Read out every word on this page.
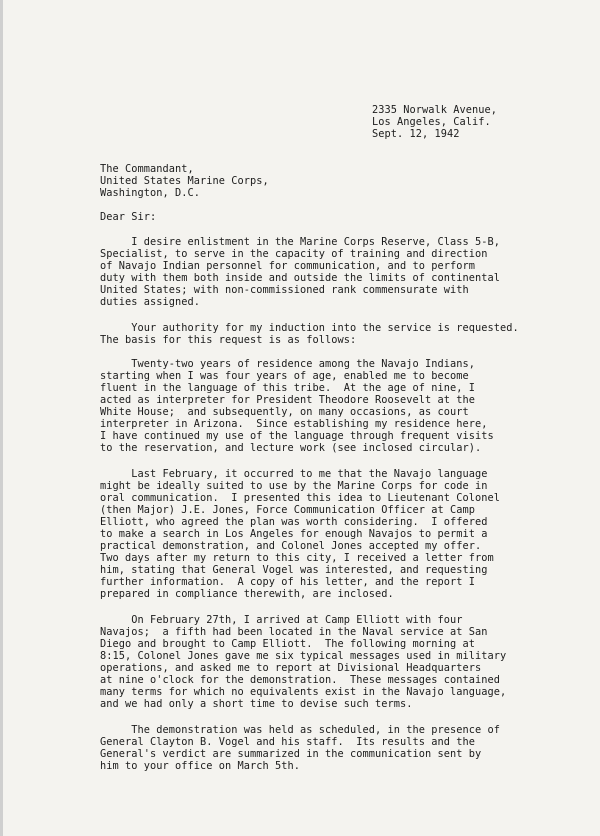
2335 Norwalk Avenue,
Los Angeles, Calif.
Sept. 12, 1942
The Commandant,
United States Marine Corps,
Washington, D.C.
Dear Sir:
I desire enlistment in the Marine Corps Reserve, Class 5-B,
Specialist, to serve in the capacity of training and direction
of Navajo Indian personnel for communication, and to perform
duty with them both inside and outside the limits of continental
United States; with non-commissioned rank commensurate with
duties assigned.
Your authority for my induction into the service is requested.
The basis for this request is as follows:
Twenty-two years of residence among the Navajo Indians,
starting when I was four years of age, enabled me to become
fluent in the language of this tribe.  At the age of nine, I
acted as interpreter for President Theodore Roosevelt at the
White House;  and subsequently, on many occasions, as court
interpreter in Arizona.  Since establishing my residence here,
I have continued my use of the language through frequent visits
to the reservation, and lecture work (see inclosed circular).
Last February, it occurred to me that the Navajo language
might be ideally suited to use by the Marine Corps for code in
oral communication.  I presented this idea to Lieutenant Colonel
(then Major) J.E. Jones, Force Communication Officer at Camp
Elliott, who agreed the plan was worth considering.  I offered
to make a search in Los Angeles for enough Navajos to permit a
practical demonstration, and Colonel Jones accepted my offer.
Two days after my return to this city, I received a letter from
him, stating that General Vogel was interested, and requesting
further information.  A copy of his letter, and the report I
prepared in compliance therewith, are inclosed.
On February 27th, I arrived at Camp Elliott with four
Navajos;  a fifth had been located in the Naval service at San
Diego and brought to Camp Elliott.  The following morning at
8:15, Colonel Jones gave me six typical messages used in military
operations, and asked me to report at Divisional Headquarters
at nine o'clock for the demonstration.  These messages contained
many terms for which no equivalents exist in the Navajo language,
and we had only a short time to devise such terms.
The demonstration was held as scheduled, in the presence of
General Clayton B. Vogel and his staff.  Its results and the
General's verdict are summarized in the communication sent by
him to your office on March 5th.
